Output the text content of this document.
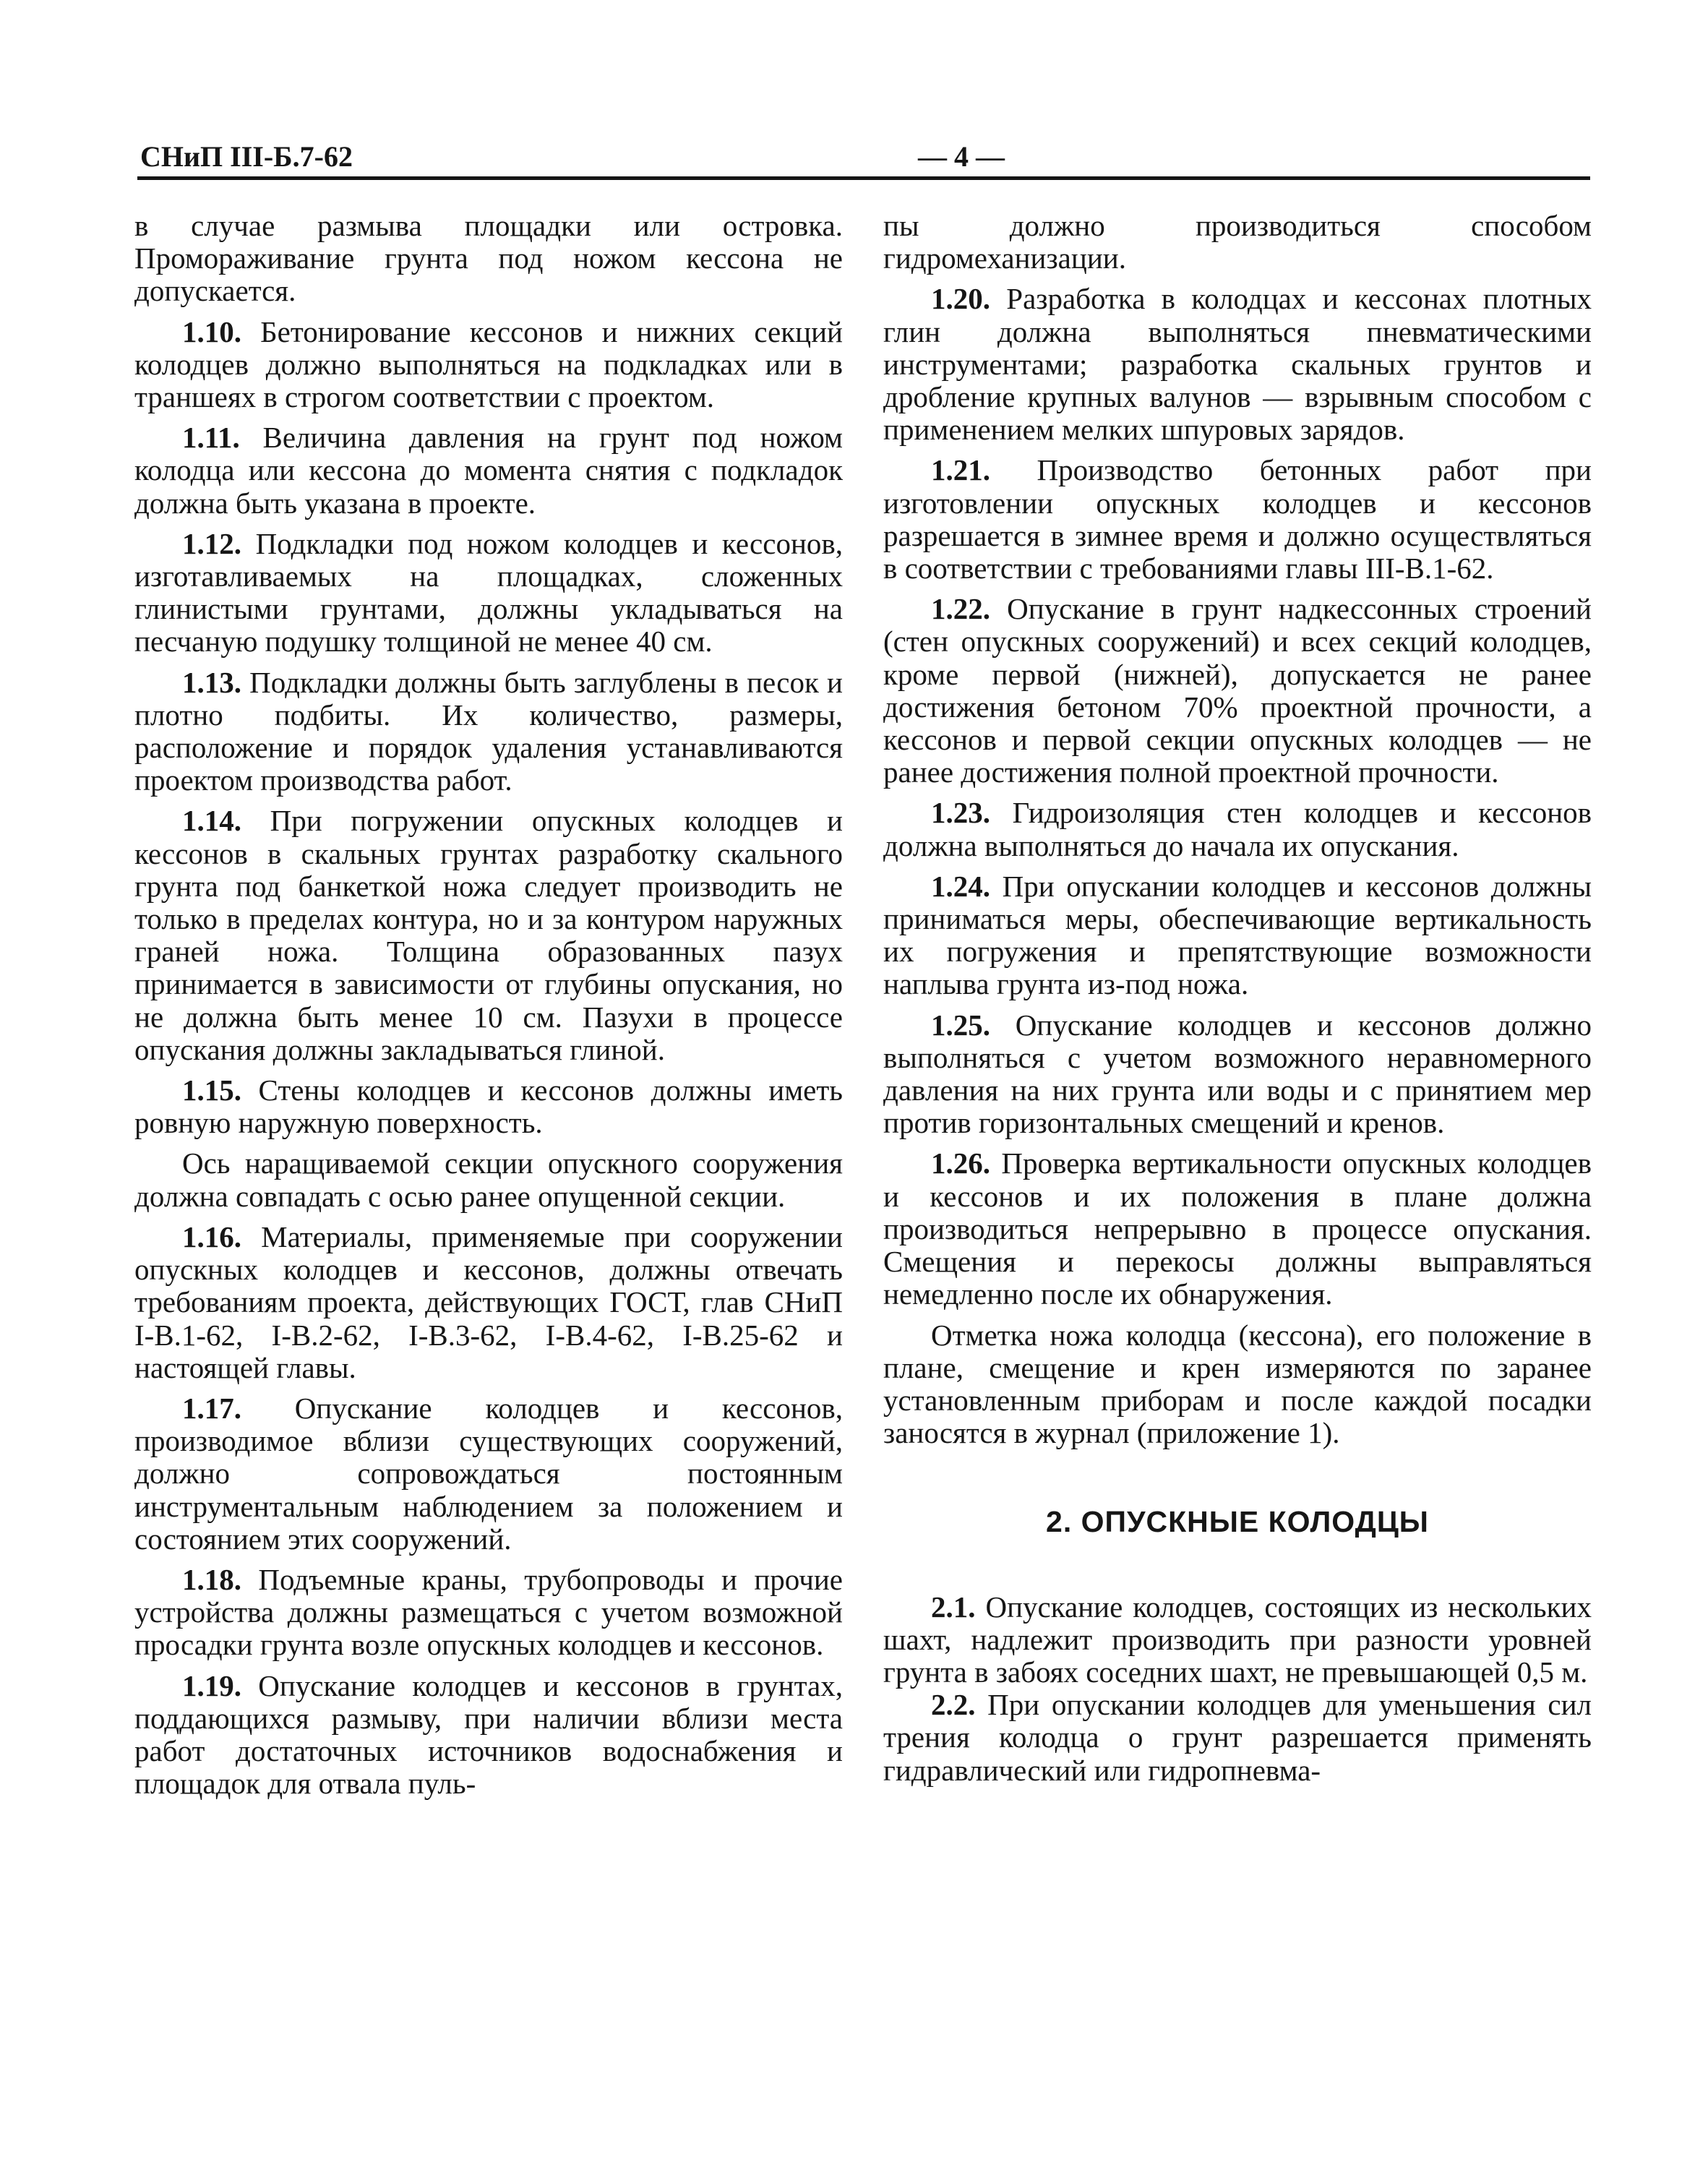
СНиП III-Б.7-62	— 4 —

в случае размыва площадки или островка. Промораживание грунта под ножом кессона не допускается.

1.10. Бетонирование кессонов и нижних секций колодцев должно выполняться на подкладках или в траншеях в строгом соответствии с проектом.

1.11. Величина давления на грунт под ножом колодца или кессона до момента снятия с подкладок должна быть указана в проекте.

1.12. Подкладки под ножом колодцев и кессонов, изготавливаемых на площадках, сложенных глинистыми грунтами, должны укладываться на песчаную подушку толщиной не менее 40 см.

1.13. Подкладки должны быть заглублены в песок и плотно подбиты. Их количество, размеры, расположение и порядок удаления устанавливаются проектом производства работ.

1.14. При погружении опускных колодцев и кессонов в скальных грунтах разработку скального грунта под банкеткой ножа следует производить не только в пределах контура, но и за контуром наружных граней ножа. Толщина образованных пазух принимается в зависимости от глубины опускания, но не должна быть менее 10 см. Пазухи в процессе опускания должны закладываться глиной.

1.15. Стены колодцев и кессонов должны иметь ровную наружную поверхность.

Ось наращиваемой секции опускного сооружения должна совпадать с осью ранее опущенной секции.

1.16. Материалы, применяемые при сооружении опускных колодцев и кессонов, должны отвечать требованиям проекта, действующих ГОСТ, глав СНиП I-В.1-62, I-В.2-62, I-В.3-62, I-В.4-62, I-В.25-62 и настоящей главы.

1.17. Опускание колодцев и кессонов, производимое вблизи существующих сооружений, должно сопровождаться постоянным инструментальным наблюдением за положением и состоянием этих сооружений.

1.18. Подъемные краны, трубопроводы и прочие устройства должны размещаться с учетом возможной просадки грунта возле опускных колодцев и кессонов.

1.19. Опускание колодцев и кессонов в грунтах, поддающихся размыву, при наличии вблизи места работ достаточных источников водоснабжения и площадок для отвала пуль-

пы должно производиться способом гидромеханизации.

1.20. Разработка в колодцах и кессонах плотных глин должна выполняться пневматическими инструментами; разработка скальных грунтов и дробление крупных валунов — взрывным способом с применением мелких шпуровых зарядов.

1.21. Производство бетонных работ при изготовлении опускных колодцев и кессонов разрешается в зимнее время и должно осуществляться в соответствии с требованиями главы III-В.1-62.

1.22. Опускание в грунт надкессонных строений (стен опускных сооружений) и всех секций колодцев, кроме первой (нижней), допускается не ранее достижения бетоном 70% проектной прочности, а кессонов и первой секции опускных колодцев — не ранее достижения полной проектной прочности.

1.23. Гидроизоляция стен колодцев и кессонов должна выполняться до начала их опускания.

1.24. При опускании колодцев и кессонов должны приниматься меры, обеспечивающие вертикальность их погружения и препятствующие возможности наплыва грунта из-под ножа.

1.25. Опускание колодцев и кессонов должно выполняться с учетом возможного неравномерного давления на них грунта или воды и с принятием мер против горизонтальных смещений и кренов.

1.26. Проверка вертикальности опускных колодцев и кессонов и их положения в плане должна производиться непрерывно в процессе опускания. Смещения и перекосы должны выправляться немедленно после их обнаружения.

Отметка ножа колодца (кессона), его положение в плане, смещение и крен измеряются по заранее установленным приборам и после каждой посадки заносятся в журнал (приложение 1).

2. ОПУСКНЫЕ КОЛОДЦЫ

2.1. Опускание колодцев, состоящих из нескольких шахт, надлежит производить при разности уровней грунта в забоях соседних шахт, не превышающей 0,5 м.

2.2. При опускании колодцев для уменьшения сил трения колодца о грунт разрешается применять гидравлический или гидропневма-
